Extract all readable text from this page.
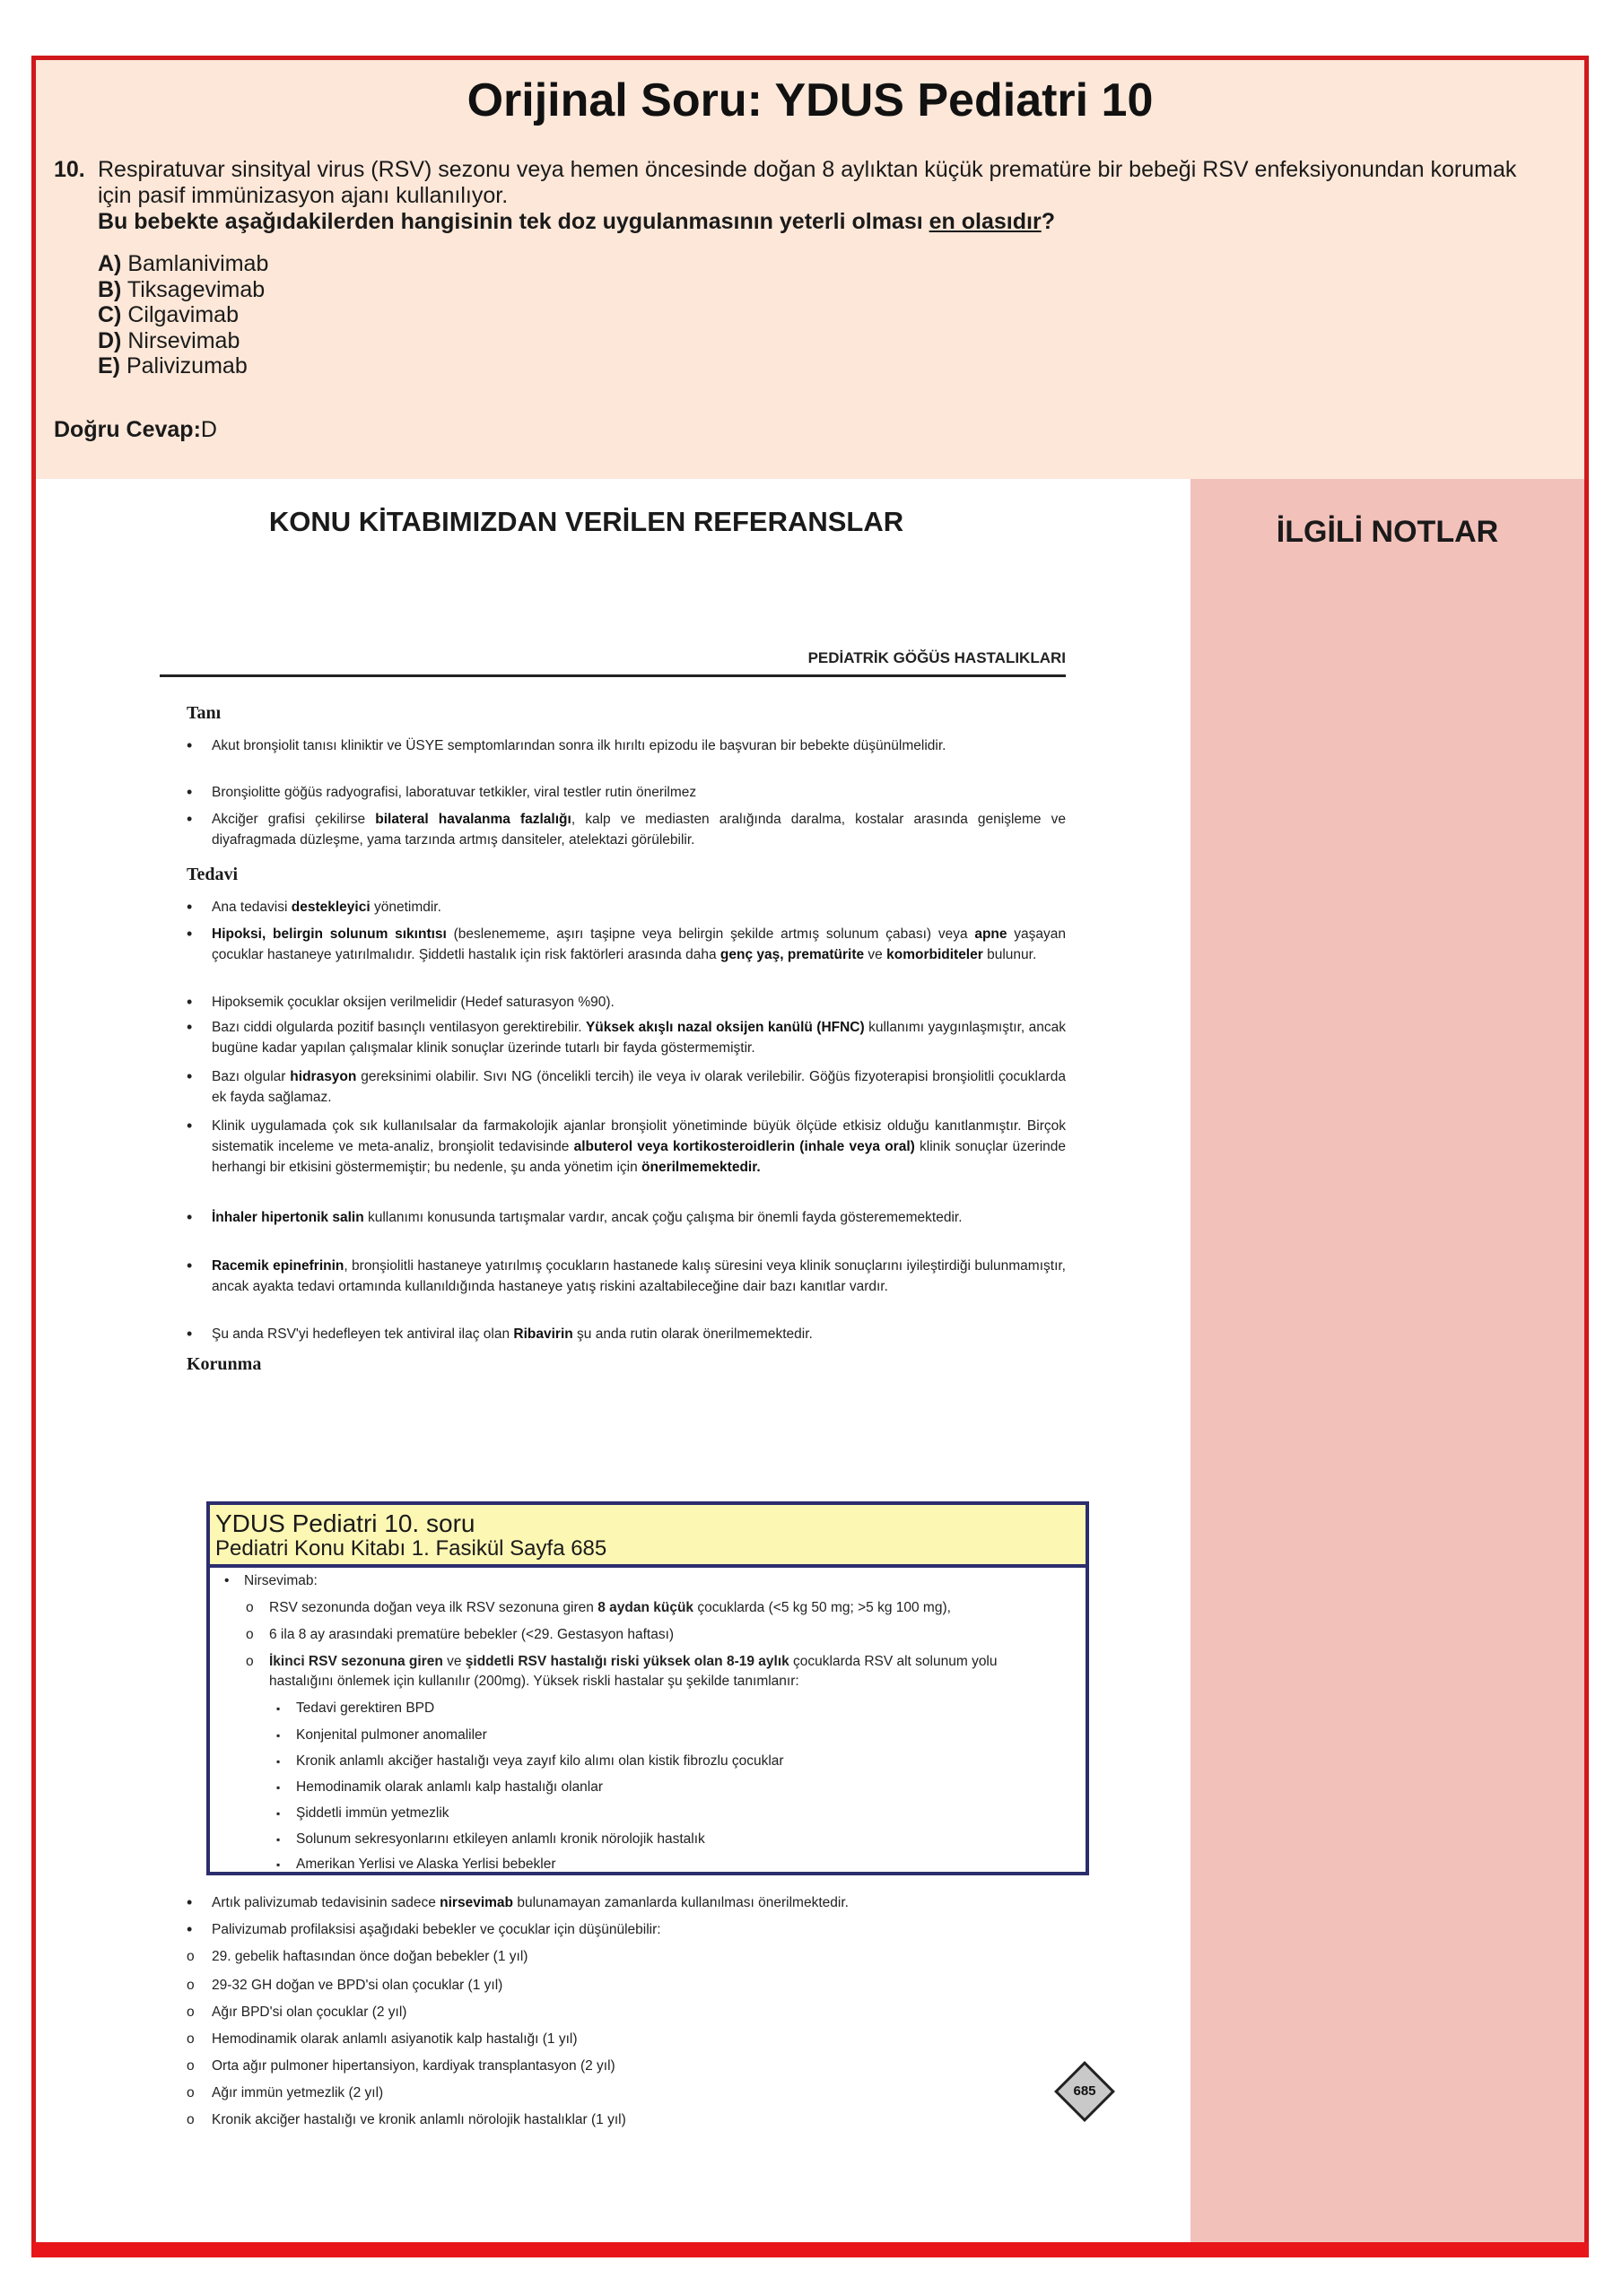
Orijinal Soru: YDUS Pediatri 10
10. Respiratuvar sinsityal virus (RSV) sezonu veya hemen öncesinde doğan 8 aylıktan küçük prematüre bir bebeği RSV enfeksiyonundan korumak için pasif immünizasyon ajanı kullanılıyor.
Bu bebekte aşağıdakilerden hangisinin tek doz uygulanmasının yeterli olması en olasıdır?
A) Bamlanivimab
B) Tiksagevimab
C) Cilgavimab
D) Nirsevimab
E) Palivizumab
Doğru Cevap:D
KONU KİTABIMIZDAN VERİLEN REFERANSLAR
PEDİATRİK GÖĞÜS HASTALIKLARI
Tanı
• Akut bronşiolit tanısı kliniktir ve ÜSYE semptomlarından sonra ilk hırıltı epizodu ile başvuran bir bebekte düşünülmelidir.
• Bronşiolitte göğüs radyografisi, laboratuvar tetkikler, viral testler rutin önerilmez
• Akciğer grafisi çekilirse bilateral havalanma fazlalığı, kalp ve mediasten aralığında daralma, kostalar arasında genişleme ve diyafragmada düzleşme, yama tarzında artmış dansiteler, atelektazi görülebilir.
Tedavi
• Ana tedavisi destekleyici yönetimdir.
• Hipoksi, belirgin solunum sıkıntısı (beslenememe, aşırı taşipne veya belirgin şekilde artmış solunum çabası) veya apne yaşayan çocuklar hastaneye yatırılmalıdır. Şiddetli hastalık için risk faktörleri arasında daha genç yaş, prematürite ve komorbiditeler bulunur.
• Hipoksemik çocuklar oksijen verilmelidir (Hedef saturasyon %90).
• Bazı ciddi olgularda pozitif basınçlı ventilasyon gerektirebilir. Yüksek akışlı nazal oksijen kanülü (HFNC) kullanımı yaygınlaşmıştır, ancak bugüne kadar yapılan çalışmalar klinik sonuçlar üzerinde tutarlı bir fayda göstermemiştir.
• Bazı olgular hidrasyon gereksinimi olabilir. Sıvı NG (öncelikli tercih) ile veya iv olarak verilebilir. Göğüs fizyoterapisi bronşiolitli çocuklarda ek fayda sağlamaz.
• Klinik uygulamada çok sık kullanılsalar da farmakolojik ajanlar bronşiolit yönetiminde büyük ölçüde etkisiz olduğu kanıtlanmıştır. Birçok sistematik inceleme ve meta-analiz, bronşiolit tedavisinde albuterol veya kortikosteroidlerin (inhale veya oral) klinik sonuçlar üzerinde herhangi bir etkisini göstermemiştir; bu nedenle, şu anda yönetim için önerilmemektedir.
• İnhaler hipertonik salin kullanımı konusunda tartışmalar vardır, ancak çoğu çalışma bir önemli fayda gösterememektedir.
• Racemik epinefrinin, bronşiolitli hastaneye yatırılmış çocukların hastanede kalış süresini veya klinik sonuçlarını iyileştirdiği bulunmamıştır, ancak ayakta tedavi ortamında kullanıldığında hastaneye yatış riskini azaltabileceğine dair bazı kanıtlar vardır.
• Şu anda RSV'yi hedefleyen tek antiviral ilaç olan Ribavirin şu anda rutin olarak önerilmemektedir.
Korunma
• Artık palivizumab tedavisinin sadece nirsevimab bulunamayan zamanlarda kullanılması önerilmektedir.
• Palivizumab profilaksisi aşağıdaki bebekler ve çocuklar için düşünülebilir:
o 29. gebelik haftasından önce doğan bebekler (1 yıl)
o 29-32 GH doğan ve BPD'si olan çocuklar (1 yıl)
o Ağır BPD'si olan çocuklar (2 yıl)
o Hemodinamik olarak anlamlı asiyanotik kalp hastalığı (1 yıl)
o Orta ağır pulmoner hipertansiyon, kardiyak transplantasyon (2 yıl)
o Ağır immün yetmezlik (2 yıl)
o Kronik akciğer hastalığı ve kronik anlamlı nörolojik hastalıklar (1 yıl)
YDUS Pediatri 10. soru
Pediatri Konu Kitabı 1. Fasikül Sayfa 685
• Nirsevimab:
o RSV sezonunda doğan veya ilk RSV sezonuna giren 8 aydan küçük çocuklarda (<5 kg 50 mg; >5 kg 100 mg),
o 6 ila 8 ay arasındaki prematüre bebekler (<29. Gestasyon haftası)
o İkinci RSV sezonuna giren ve şiddetli RSV hastalığı riski yüksek olan 8-19 aylık çocuklarda RSV alt solunum yolu hastalığını önlemek için kullanılır (200mg). Yüksek riskli hastalar şu şekilde tanımlanır:
▪ Tedavi gerektiren BPD
▪ Konjenital pulmoner anomaliler
▪ Kronik anlamlı akciğer hastalığı veya zayıf kilo alımı olan kistik fibrozlu çocuklar
▪ Hemodinamik olarak anlamlı kalp hastalığı olanlar
▪ Şiddetli immün yetmezlik
▪ Solunum sekresyonlarını etkileyen anlamlı kronik nörolojik hastalık
▪ Amerikan Yerlisi ve Alaska Yerlisi bebekler
685
İLGİLİ NOTLAR
